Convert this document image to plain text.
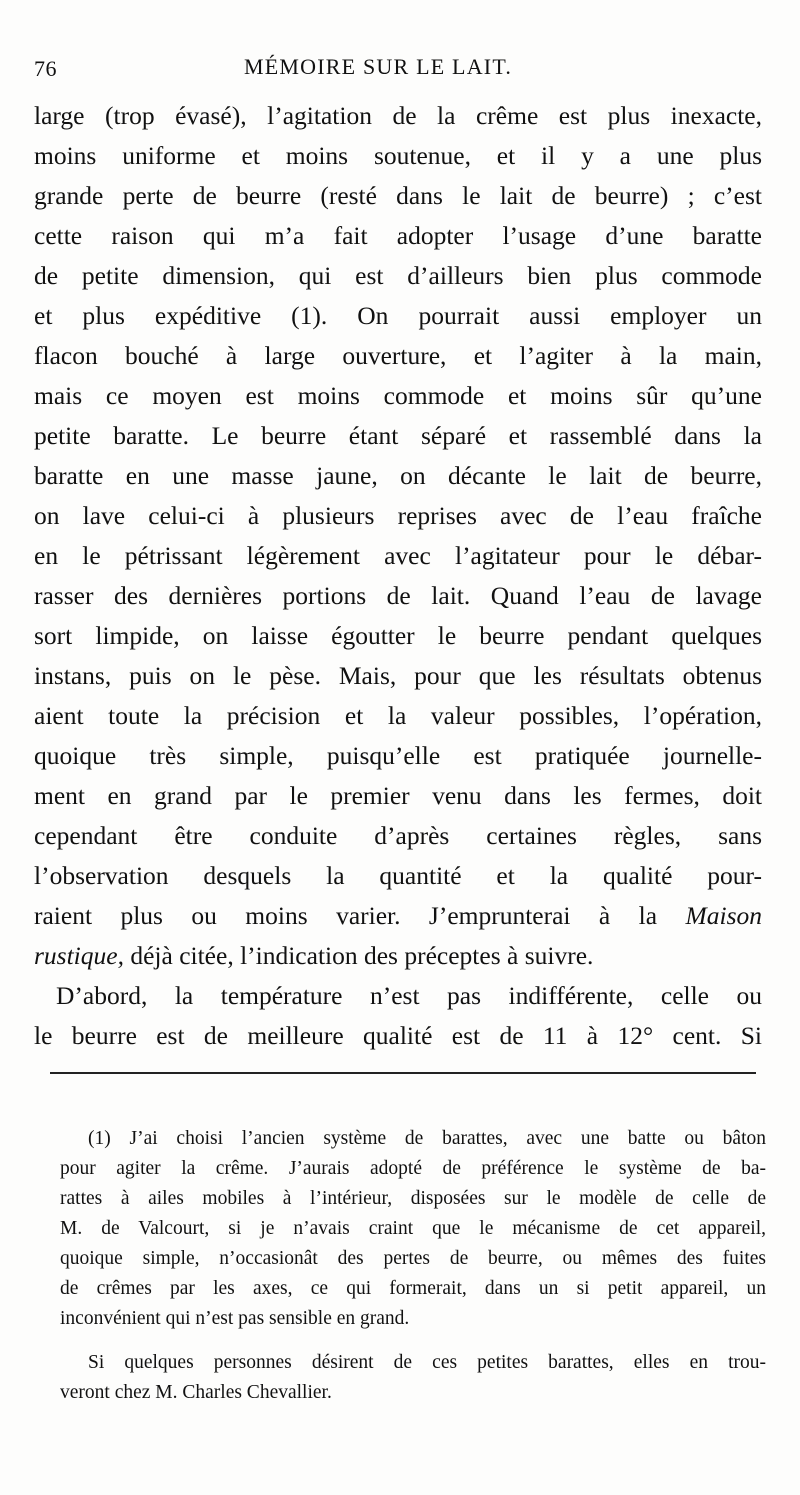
76	MÉMOIRE SUR LE LAIT.
large (trop évasé), l’agitation de la crême est plus inexacte,
moins uniforme et moins soutenue, et il y a une plus
grande perte de beurre (resté dans le lait de beurre) ; c’est
cette raison qui m’a fait adopter l’usage d’une baratte
de petite dimension, qui est d’ailleurs bien plus commode
et plus expéditive (1). On pourrait aussi employer un
flacon bouché à large ouverture, et l’agiter à la main,
mais ce moyen est moins commode et moins sûr qu’une
petite baratte. Le beurre étant séparé et rassemblé dans la
baratte en une masse jaune, on décante le lait de beurre,
on lave celui-ci à plusieurs reprises avec de l’eau fraîche
en le pétrissant légèrement avec l’agitateur pour le débar-
rasser des dernières portions de lait. Quand l’eau de lavage
sort limpide, on laisse égoutter le beurre pendant quelques
instans, puis on le pèse. Mais, pour que les résultats obtenus
aient toute la précision et la valeur possibles, l’opération,
quoique très simple, puisqu’elle est pratiquée journelle-
ment en grand par le premier venu dans les fermes, doit
cependant être conduite d’après certaines règles, sans
l’observation desquels la quantité et la qualité pour-
raient plus ou moins varier. J’emprunterai à la Maison
rustique, déjà citée, l’indication des préceptes à suivre.
D’abord, la température n’est pas indifférente, celle ou
le beurre est de meilleure qualité est de 11 à 12° cent. Si
(1) J’ai choisi l’ancien système de barattes, avec une batte ou bâton
pour agiter la crême. J’aurais adopté de préférence le système de ba-
rattes à ailes mobiles à l’intérieur, disposées sur le modèle de celle de
M. de Valcourt, si je n’avais craint que le mécanisme de cet appareil,
quoique simple, n’occasionât des pertes de beurre, ou mêmes des fuites
de crêmes par les axes, ce qui formerait, dans un si petit appareil, un
inconvénient qui n’est pas sensible en grand.
Si quelques personnes désirent de ces petites barattes, elles en trou-
veront chez M. Charles Chevallier.
